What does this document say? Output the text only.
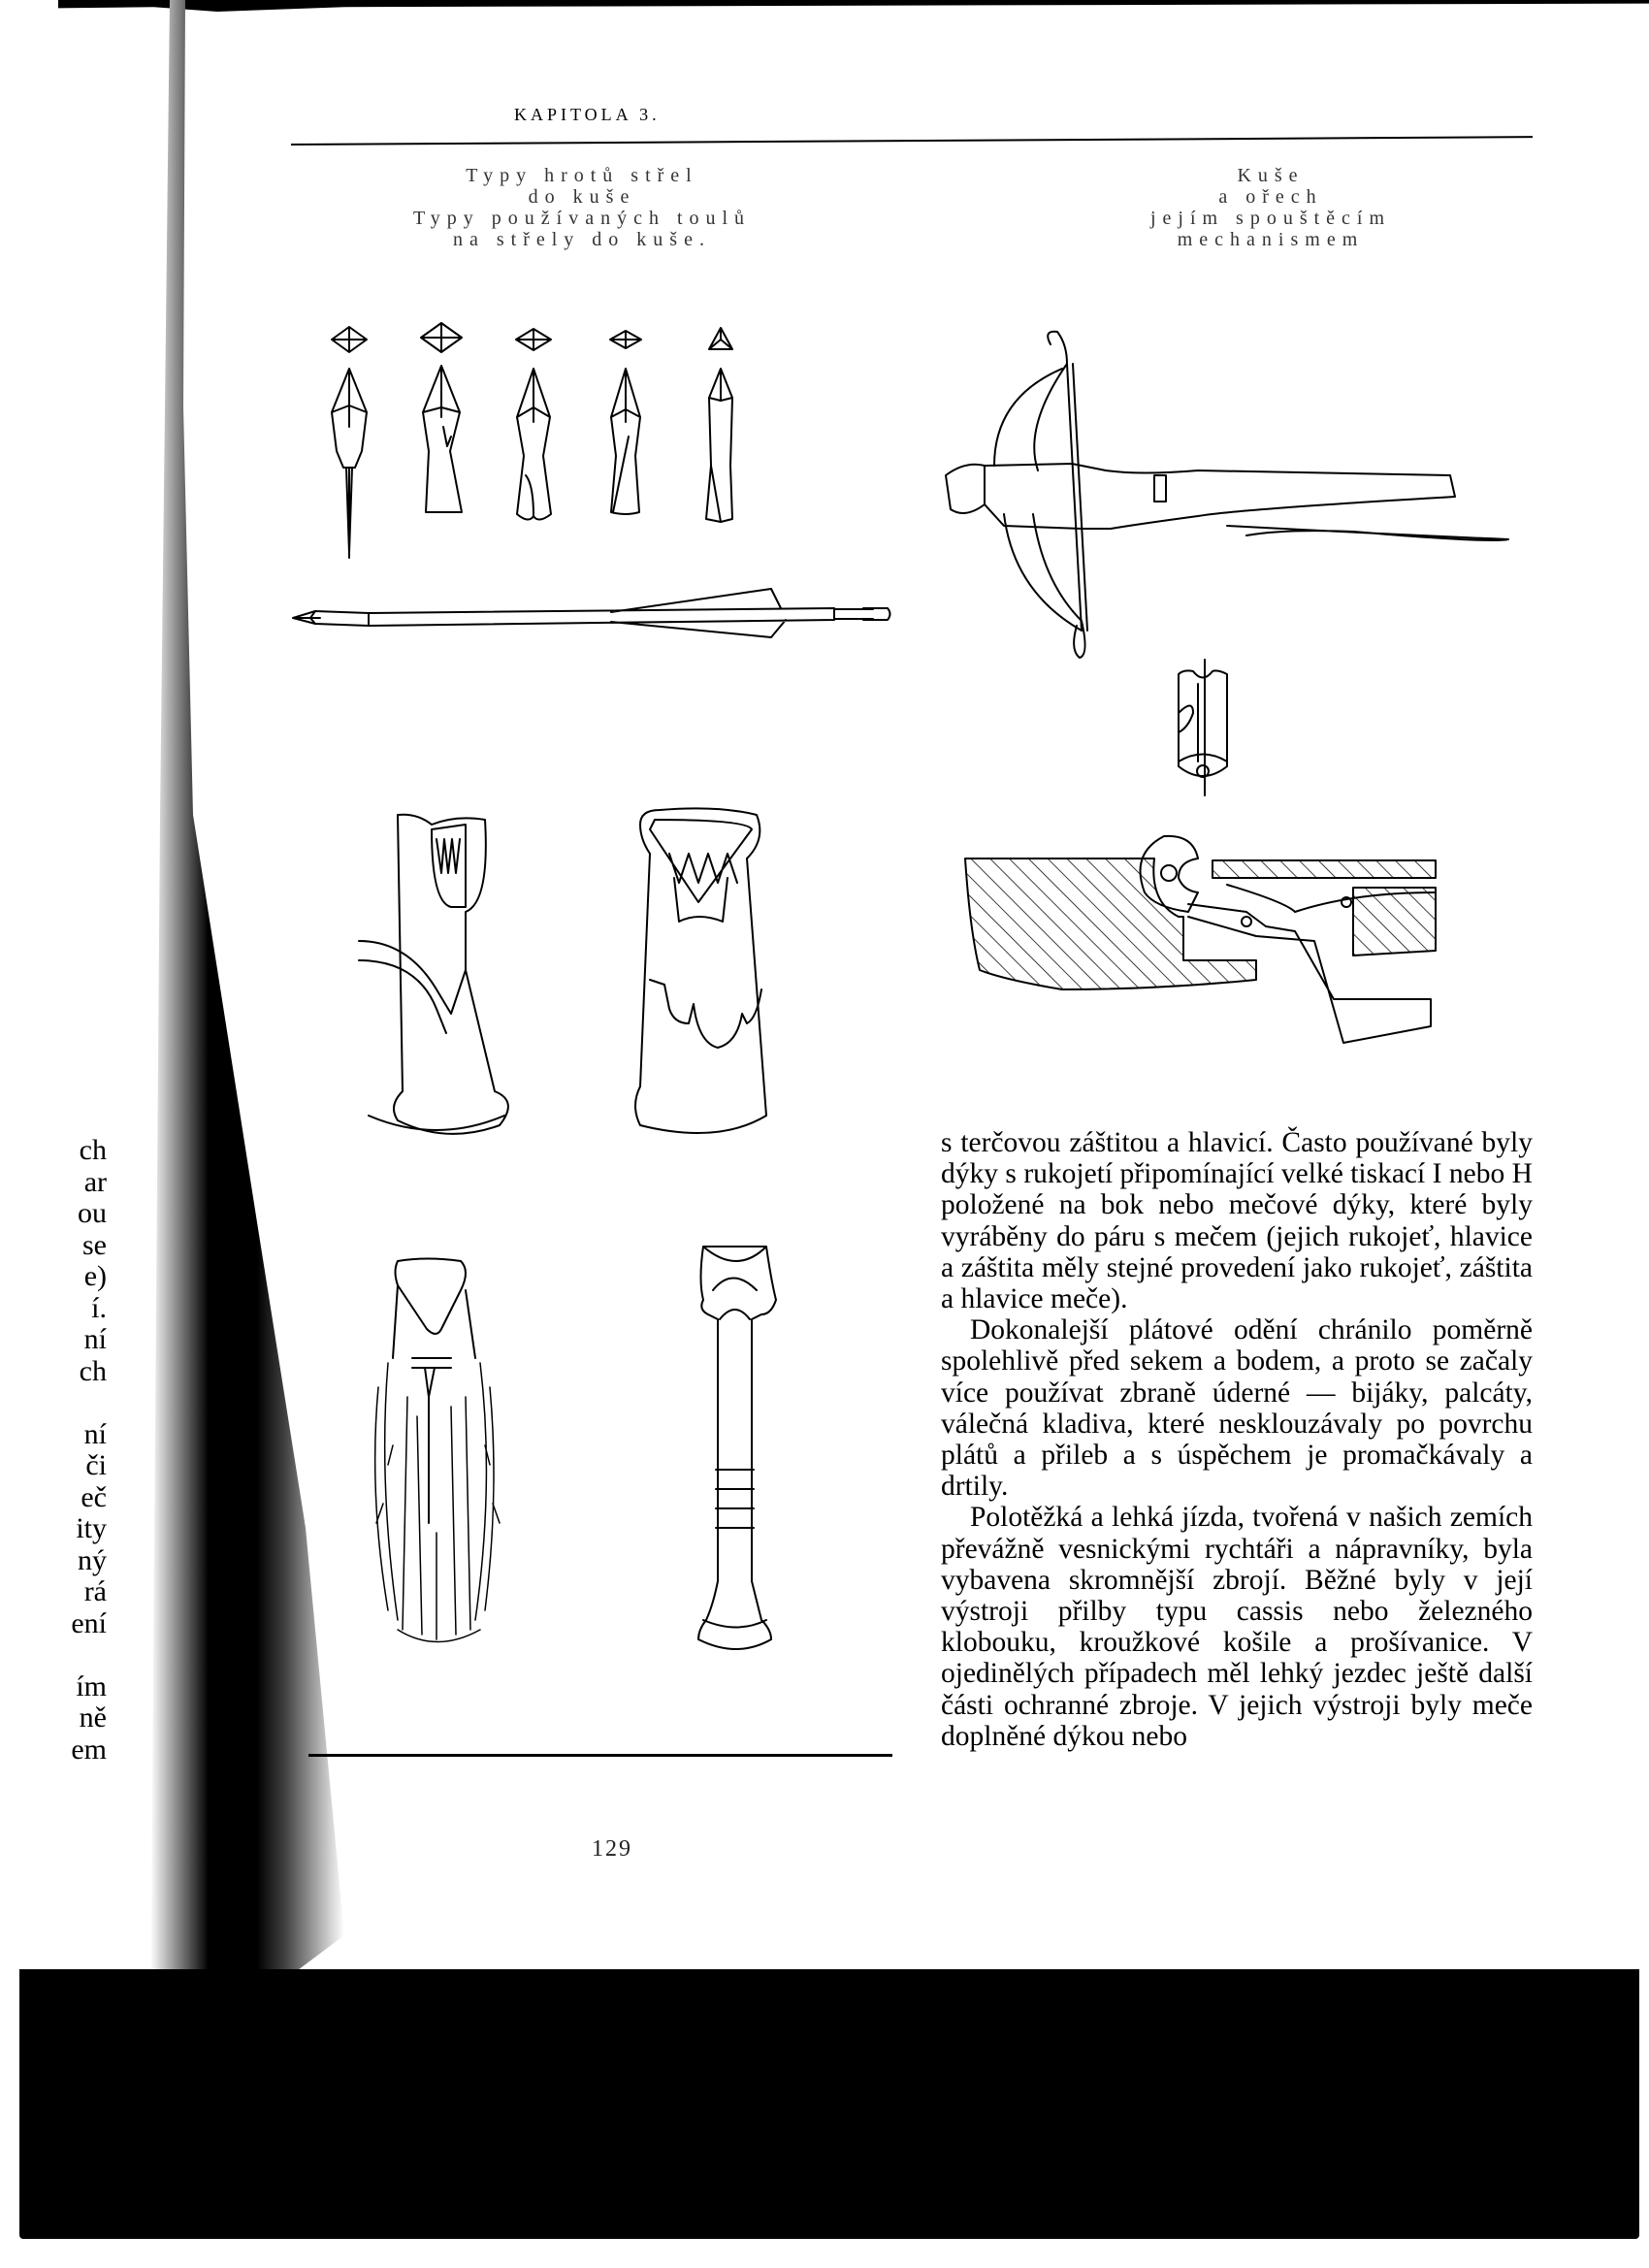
ch
ar
ou
se
e)
í.
ní
ch
ní
či
eč
ity
ný
rá
ení
ím
ně
em
KAPITOLA 3.
Typy hrotů střel
do kuše
Typy používaných toulů
na střely do kuše.
Kuše
a ořech
jejím spouštěcím
mechanismem

s terčovou záštitou a hlavicí. Často používané byly dýky s rukojetí připomínající velké tiskací I nebo H položené na bok nebo mečové dýky, které byly vyráběny do páru s mečem (jejich rukojeť, hlavice a záštita měly stejné provedení jako rukojeť, záštita a hlavice meče).

Dokonalejší plátové odění chránilo poměrně spolehlivě před sekem a bodem, a proto se začaly více používat zbraně úderné — bijáky, palcáty, válečná kladiva, které nesklouzávaly po povrchu plátů a přileb a s úspěchem je promačkávaly a drtily.

Polotěžká a lehká jízda, tvořená v našich zemích převážně vesnickými rychtáři a nápravníky, byla vybavena skromnější zbrojí. Běžné byly v její výstroji přilby typu cassis nebo železného klobouku, kroužkové košile a prošívanice. V ojedinělých případech měl lehký jezdec ještě další části ochranné zbroje. V jejich výstroji byly meče doplněné dýkou nebo

129
